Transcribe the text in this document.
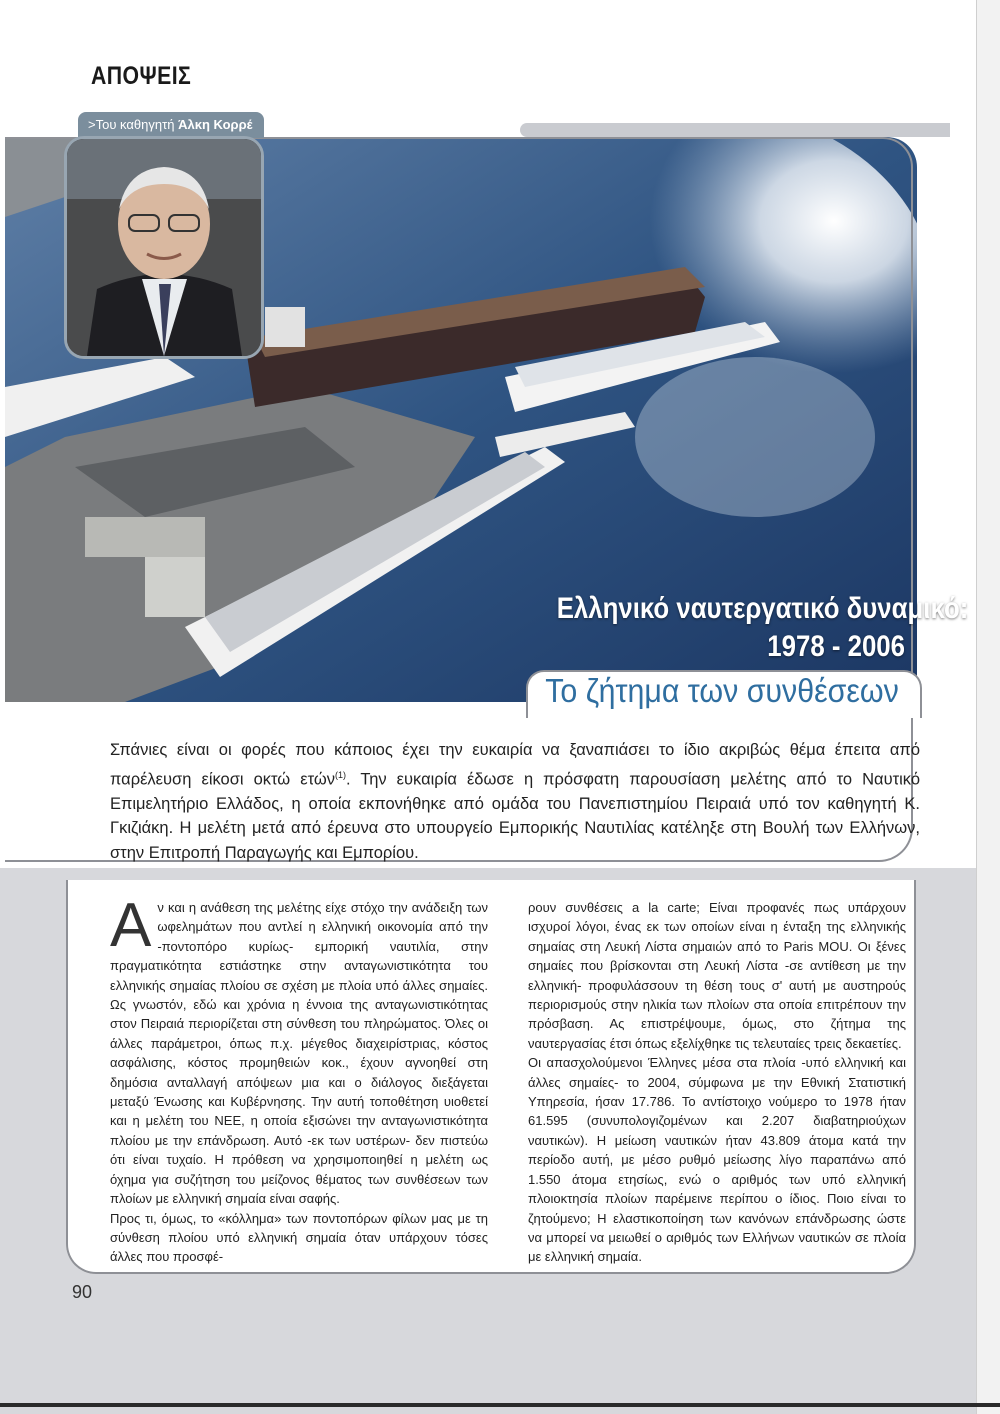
ΑΠΟΨΕΙΣ
>Του καθηγητή Άλκη Κορρέ
Ελληνικό ναυτεργατικό δυναμικό:
1978 - 2006
Το ζήτημα των συνθέσεων
Σπάνιες είναι οι φορές που κάποιος έχει την ευκαιρία να ξαναπιάσει το ίδιο ακριβώς θέμα έπειτα από παρέλευση είκοσι οκτώ ετών$^{(1)}$. Την ευκαιρία έδωσε η πρόσφατη παρουσίαση μελέτης από το Ναυτικό Επιμελητήριο Ελλάδος, η οποία εκπονήθηκε από ομάδα του Πανεπιστημίου Πειραιά υπό τον καθηγητή Κ. Γκιζιάκη. Η μελέτη μετά από έρευνα στο υπουργείο Εμπορικής Ναυτιλίας κατέληξε στη Βουλή των Ελλήνων, στην Επιτροπή Παραγωγής και Εμπορίου.

Αν και η ανάθεση της μελέτης είχε στόχο την ανάδειξη των ωφελημάτων που αντλεί η ελληνική οικονομία από την -ποντοπόρο κυρίως- εμπορική ναυτιλία, στην πραγματικότητα εστιάστηκε στην ανταγωνιστικότητα του ελληνικής σημαίας πλοίου σε σχέση με πλοία υπό άλλες σημαίες. Ως γνωστόν, εδώ και χρόνια η έννοια της ανταγωνιστικότητας στον Πειραιά περιορίζεται στη σύνθεση του πληρώματος. Όλες οι άλλες παράμετροι, όπως π.χ. μέγεθος διαχειρίστριας, κόστος ασφάλισης, κόστος προμηθειών κοκ., έχουν αγνοηθεί στη δημόσια ανταλλαγή απόψεων μια και ο διάλογος διεξάγεται μεταξύ Ένωσης και Κυβέρνησης. Την αυτή τοποθέτηση υιοθετεί και η μελέτη του ΝΕΕ, η οποία εξισώνει την ανταγωνιστικότητα πλοίου με την επάνδρωση. Αυτό -εκ των υστέρων- δεν πιστεύω ότι είναι τυχαίο. Η πρόθεση να χρησιμοποιηθεί η μελέτη ως όχημα για συζήτηση του μείζονος θέματος των συνθέσεων των πλοίων με ελληνική σημαία είναι σαφής.

Προς τι, όμως, το «κόλλημα» των ποντοπόρων φίλων μας με τη σύνθεση πλοίου υπό ελληνική σημαία όταν υπάρχουν τόσες άλλες που προσφέ-

ρουν συνθέσεις a la carte; Είναι προφανές πως υπάρχουν ισχυροί λόγοι, ένας εκ των οποίων είναι η ένταξη της ελληνικής σημαίας στη Λευκή Λίστα σημαιών από το Paris MOU. Οι ξένες σημαίες που βρίσκονται στη Λευκή Λίστα -σε αντίθεση με την ελληνική- προφυλάσσουν τη θέση τους σ' αυτή με αυστηρούς περιορισμούς στην ηλικία των πλοίων στα οποία επιτρέπουν την πρόσβαση. Ας επιστρέψουμε, όμως, στο ζήτημα της ναυτεργασίας έτσι όπως εξελίχθηκε τις τελευταίες τρεις δεκαετίες.

Οι απασχολούμενοι Έλληνες μέσα στα πλοία -υπό ελληνική και άλλες σημαίες- το 2004, σύμφωνα με την Εθνική Στατιστική Υπηρεσία, ήσαν 17.786. Το αντίστοιχο νούμερο το 1978 ήταν 61.595 (συνυπολογιζομένων και 2.207 διαβατηριούχων ναυτικών). Η μείωση ναυτικών ήταν 43.809 άτομα κατά την περίοδο αυτή, με μέσο ρυθμό μείωσης λίγο παραπάνω από 1.550 άτομα ετησίως, ενώ ο αριθμός των υπό ελληνική πλοιοκτησία πλοίων παρέμεινε περίπου ο ίδιος. Ποιο είναι το ζητούμενο; Η ελαστικοποίηση των κανόνων επάνδρωσης ώστε να μπορεί να μειωθεί ο αριθμός των Ελλήνων ναυτικών σε πλοία με ελληνική σημαία.

90
